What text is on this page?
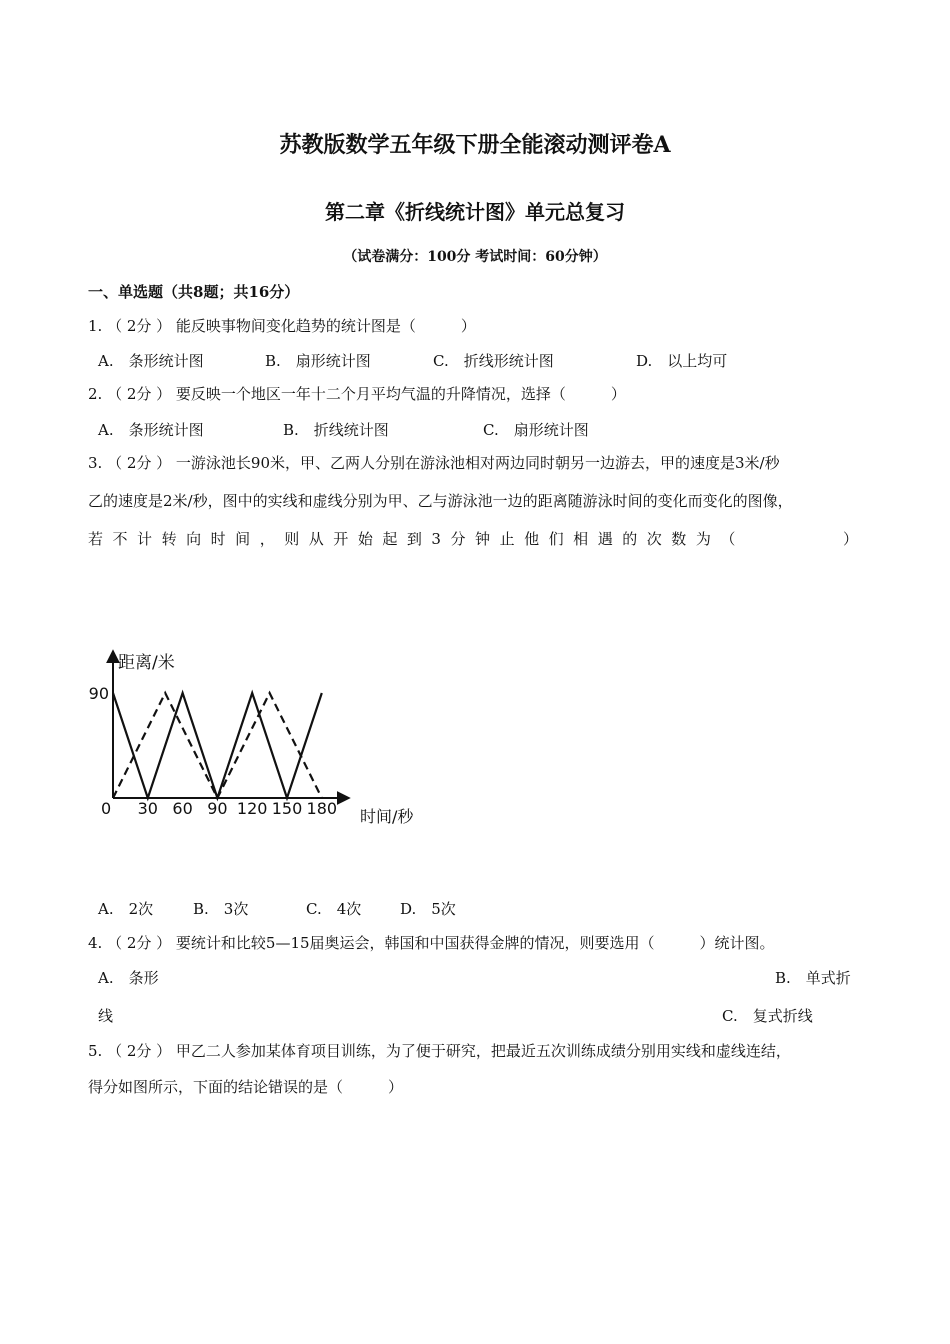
苏教版数学五年级下册全能滚动测评卷A
第二章《折线统计图》单元总复习
（试卷满分：100分 考试时间：60分钟）
一、单选题（共8题；共16分）
1. （ 2分 ） 能反映事物间变化趋势的统计图是（　　　）
A.　条形统计图	B.　扇形统计图	C.　折线形统计图	D.　以上均可
2. （ 2分 ） 要反映一个地区一年十二个月平均气温的升降情况，选择（　　　）
A.　条形统计图	B.　折线统计图	C.　扇形统计图
3. （ 2分 ） 一游泳池长90米，甲、乙两人分别在游泳池相对两边同时朝另一边游去，甲的速度是3米/秒
乙的速度是2米/秒，图中的实线和虚线分别为甲、乙与游泳池一边的距离随游泳时间的变化而变化的图像，
若不计转向时间，则从开始起到3分钟止他们相遇的次数为（　　　　）
距离/米
时间/秒
0 30 60 90 120 150 180
90
A.　2次	B.　3次	C.　4次	D.　5次
4. （ 2分 ） 要统计和比较5—15届奥运会，韩国和中国获得金牌的情况，则要选用（　　　）统计图。
A.　条形	B.　单式折
线	C.　复式折线
5. （ 2分 ） 甲乙二人参加某体育项目训练，为了便于研究，把最近五次训练成绩分别用实线和虚线连结，
得分如图所示，下面的结论错误的是（　　　）
